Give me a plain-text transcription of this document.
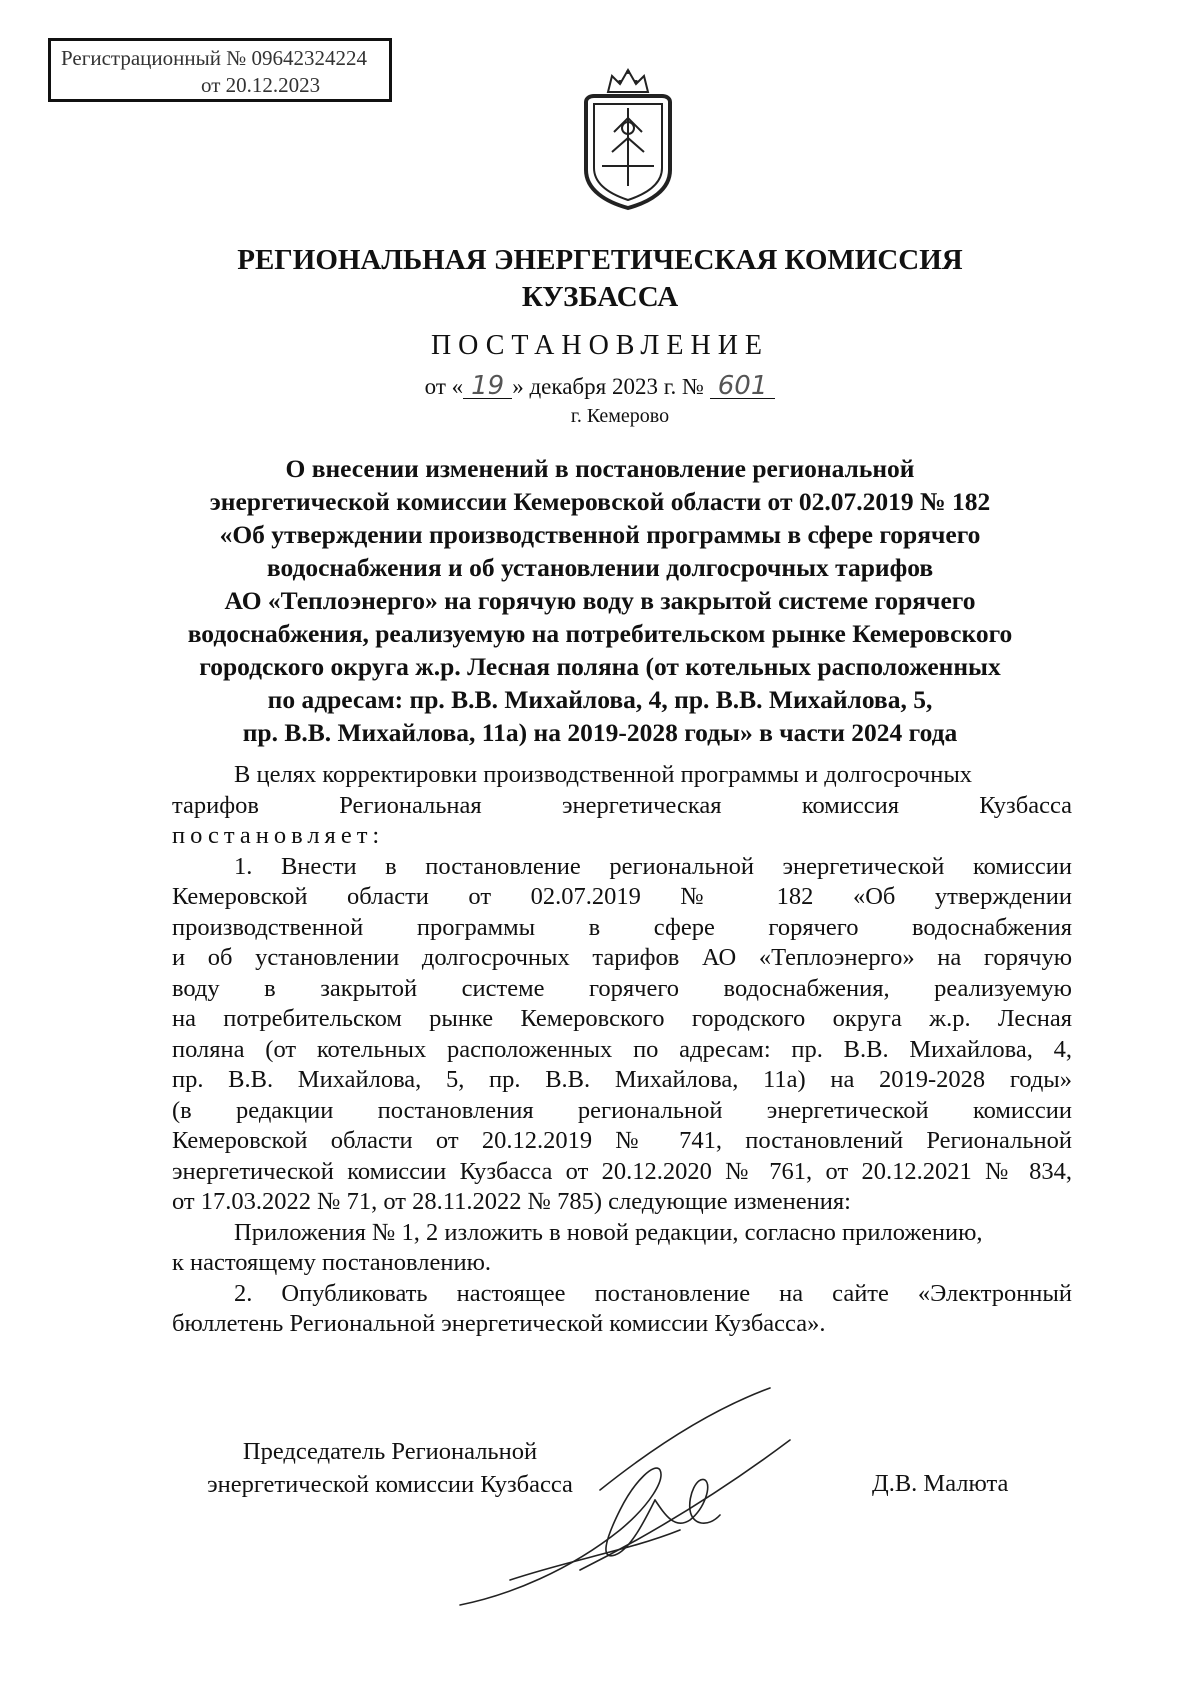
Регистрационный № 09642324224
от 20.12.2023
РЕГИОНАЛЬНАЯ ЭНЕРГЕТИЧЕСКАЯ КОМИССИЯ
КУЗБАССА
ПОСТАНОВЛЕНИЕ
от « 19 » декабря 2023 г. № 601
г. Кемерово
О внесении изменений в постановление региональной
энергетической комиссии Кемеровской области от 02.07.2019 № 182
«Об утверждении производственной программы в сфере горячего
водоснабжения и об установлении долгосрочных тарифов
АО «Теплоэнерго» на горячую воду в закрытой системе горячего
водоснабжения, реализуемую на потребительском рынке Кемеровского
городского округа ж.р. Лесная поляна (от котельных расположенных
по адресам: пр. В.В. Михайлова, 4, пр. В.В. Михайлова, 5,
пр. В.В. Михайлова, 11а) на 2019-2028 годы» в части 2024 года
В целях корректировки производственной программы и долгосрочных
тарифов Региональная энергетическая комиссия Кузбасса
постановляет:
1. Внести в постановление региональной энергетической комиссии
Кемеровской области от 02.07.2019 № 182 «Об утверждении
производственной программы в сфере горячего водоснабжения
и об установлении долгосрочных тарифов АО «Теплоэнерго» на горячую
воду в закрытой системе горячего водоснабжения, реализуемую
на потребительском рынке Кемеровского городского округа ж.р. Лесная
поляна (от котельных расположенных по адресам: пр. В.В. Михайлова, 4,
пр. В.В. Михайлова, 5, пр. В.В. Михайлова, 11а) на 2019-2028 годы»
(в редакции постановления региональной энергетической комиссии
Кемеровской области от 20.12.2019 № 741, постановлений Региональной
энергетической комиссии Кузбасса от 20.12.2020 № 761, от 20.12.2021 № 834,
от 17.03.2022 № 71, от 28.11.2022 № 785) следующие изменения:
Приложения № 1, 2 изложить в новой редакции, согласно приложению,
к настоящему постановлению.
2. Опубликовать настоящее постановление на сайте «Электронный
бюллетень Региональной энергетической комиссии Кузбасса».
Председатель Региональной
энергетической комиссии Кузбасса	Д.В. Малюта
